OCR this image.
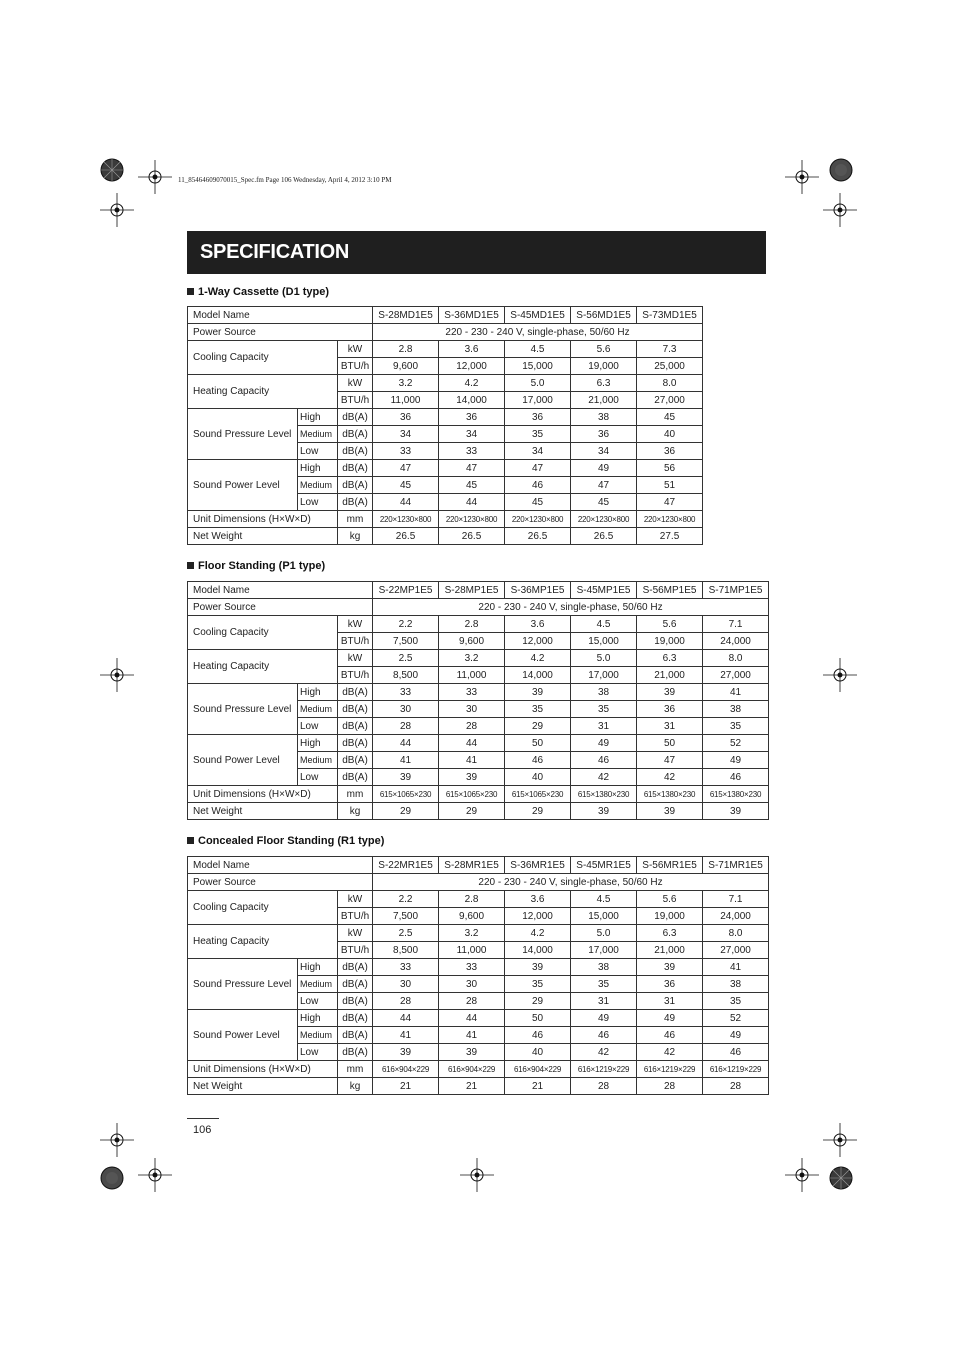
11_85464609070015_Spec.fm Page 106 Wednesday, April 4, 2012 3:10 PM
SPECIFICATION
1-Way Cassette (D1 type)
Model Name			S-28MD1E5	S-36MD1E5	S-45MD1E5	S-56MD1E5	S-73MD1E5
Power Source			220 - 230 - 240 V, single-phase, 50/60 Hz				
Cooling Capacity		kW	2.8	3.6	4.5	5.6	7.3
		BTU/h	9,600	12,000	15,000	19,000	25,000
Heating Capacity		kW	3.2	4.2	5.0	6.3	8.0
		BTU/h	11,000	14,000	17,000	21,000	27,000
Sound Pressure Level	High	dB(A)	36	36	36	38	45
	Medium	dB(A)	34	34	35	36	40
	Low	dB(A)	33	33	34	34	36
Sound Power Level	High	dB(A)	47	47	47	49	56
	Medium	dB(A)	45	45	46	47	51
	Low	dB(A)	44	44	45	45	47
Unit Dimensions (H×W×D)		mm	220×1230×800	220×1230×800	220×1230×800	220×1230×800	220×1230×800
Net Weight		kg	26.5	26.5	26.5	26.5	27.5
Floor Standing (P1 type)
Model Name			S-22MP1E5	S-28MP1E5	S-36MP1E5	S-45MP1E5	S-56MP1E5	S-71MP1E5
Power Source			220 - 230 - 240 V, single-phase, 50/60 Hz					
Cooling Capacity		kW	2.2	2.8	3.6	4.5	5.6	7.1
		BTU/h	7,500	9,600	12,000	15,000	19,000	24,000
Heating Capacity		kW	2.5	3.2	4.2	5.0	6.3	8.0
		BTU/h	8,500	11,000	14,000	17,000	21,000	27,000
Sound Pressure Level	High	dB(A)	33	33	39	38	39	41
	Medium	dB(A)	30	30	35	35	36	38
	Low	dB(A)	28	28	29	31	31	35
Sound Power Level	High	dB(A)	44	44	50	49	50	52
	Medium	dB(A)	41	41	46	46	47	49
	Low	dB(A)	39	39	40	42	42	46
Unit Dimensions (H×W×D)		mm	615×1065×230	615×1065×230	615×1065×230	615×1380×230	615×1380×230	615×1380×230
Net Weight		kg	29	29	29	39	39	39
Concealed Floor Standing (R1 type)
Model Name			S-22MR1E5	S-28MR1E5	S-36MR1E5	S-45MR1E5	S-56MR1E5	S-71MR1E5
Power Source			220 - 230 - 240 V, single-phase, 50/60 Hz					
Cooling Capacity		kW	2.2	2.8	3.6	4.5	5.6	7.1
		BTU/h	7,500	9,600	12,000	15,000	19,000	24,000
Heating Capacity		kW	2.5	3.2	4.2	5.0	6.3	8.0
		BTU/h	8,500	11,000	14,000	17,000	21,000	27,000
Sound Pressure Level	High	dB(A)	33	33	39	38	39	41
	Medium	dB(A)	30	30	35	35	36	38
	Low	dB(A)	28	28	29	31	31	35
Sound Power Level	High	dB(A)	44	44	50	49	49	52
	Medium	dB(A)	41	41	46	46	46	49
	Low	dB(A)	39	39	40	42	42	46
Unit Dimensions (H×W×D)		mm	616×904×229	616×904×229	616×904×229	616×1219×229	616×1219×229	616×1219×229
Net Weight		kg	21	21	21	28	28	28
106
